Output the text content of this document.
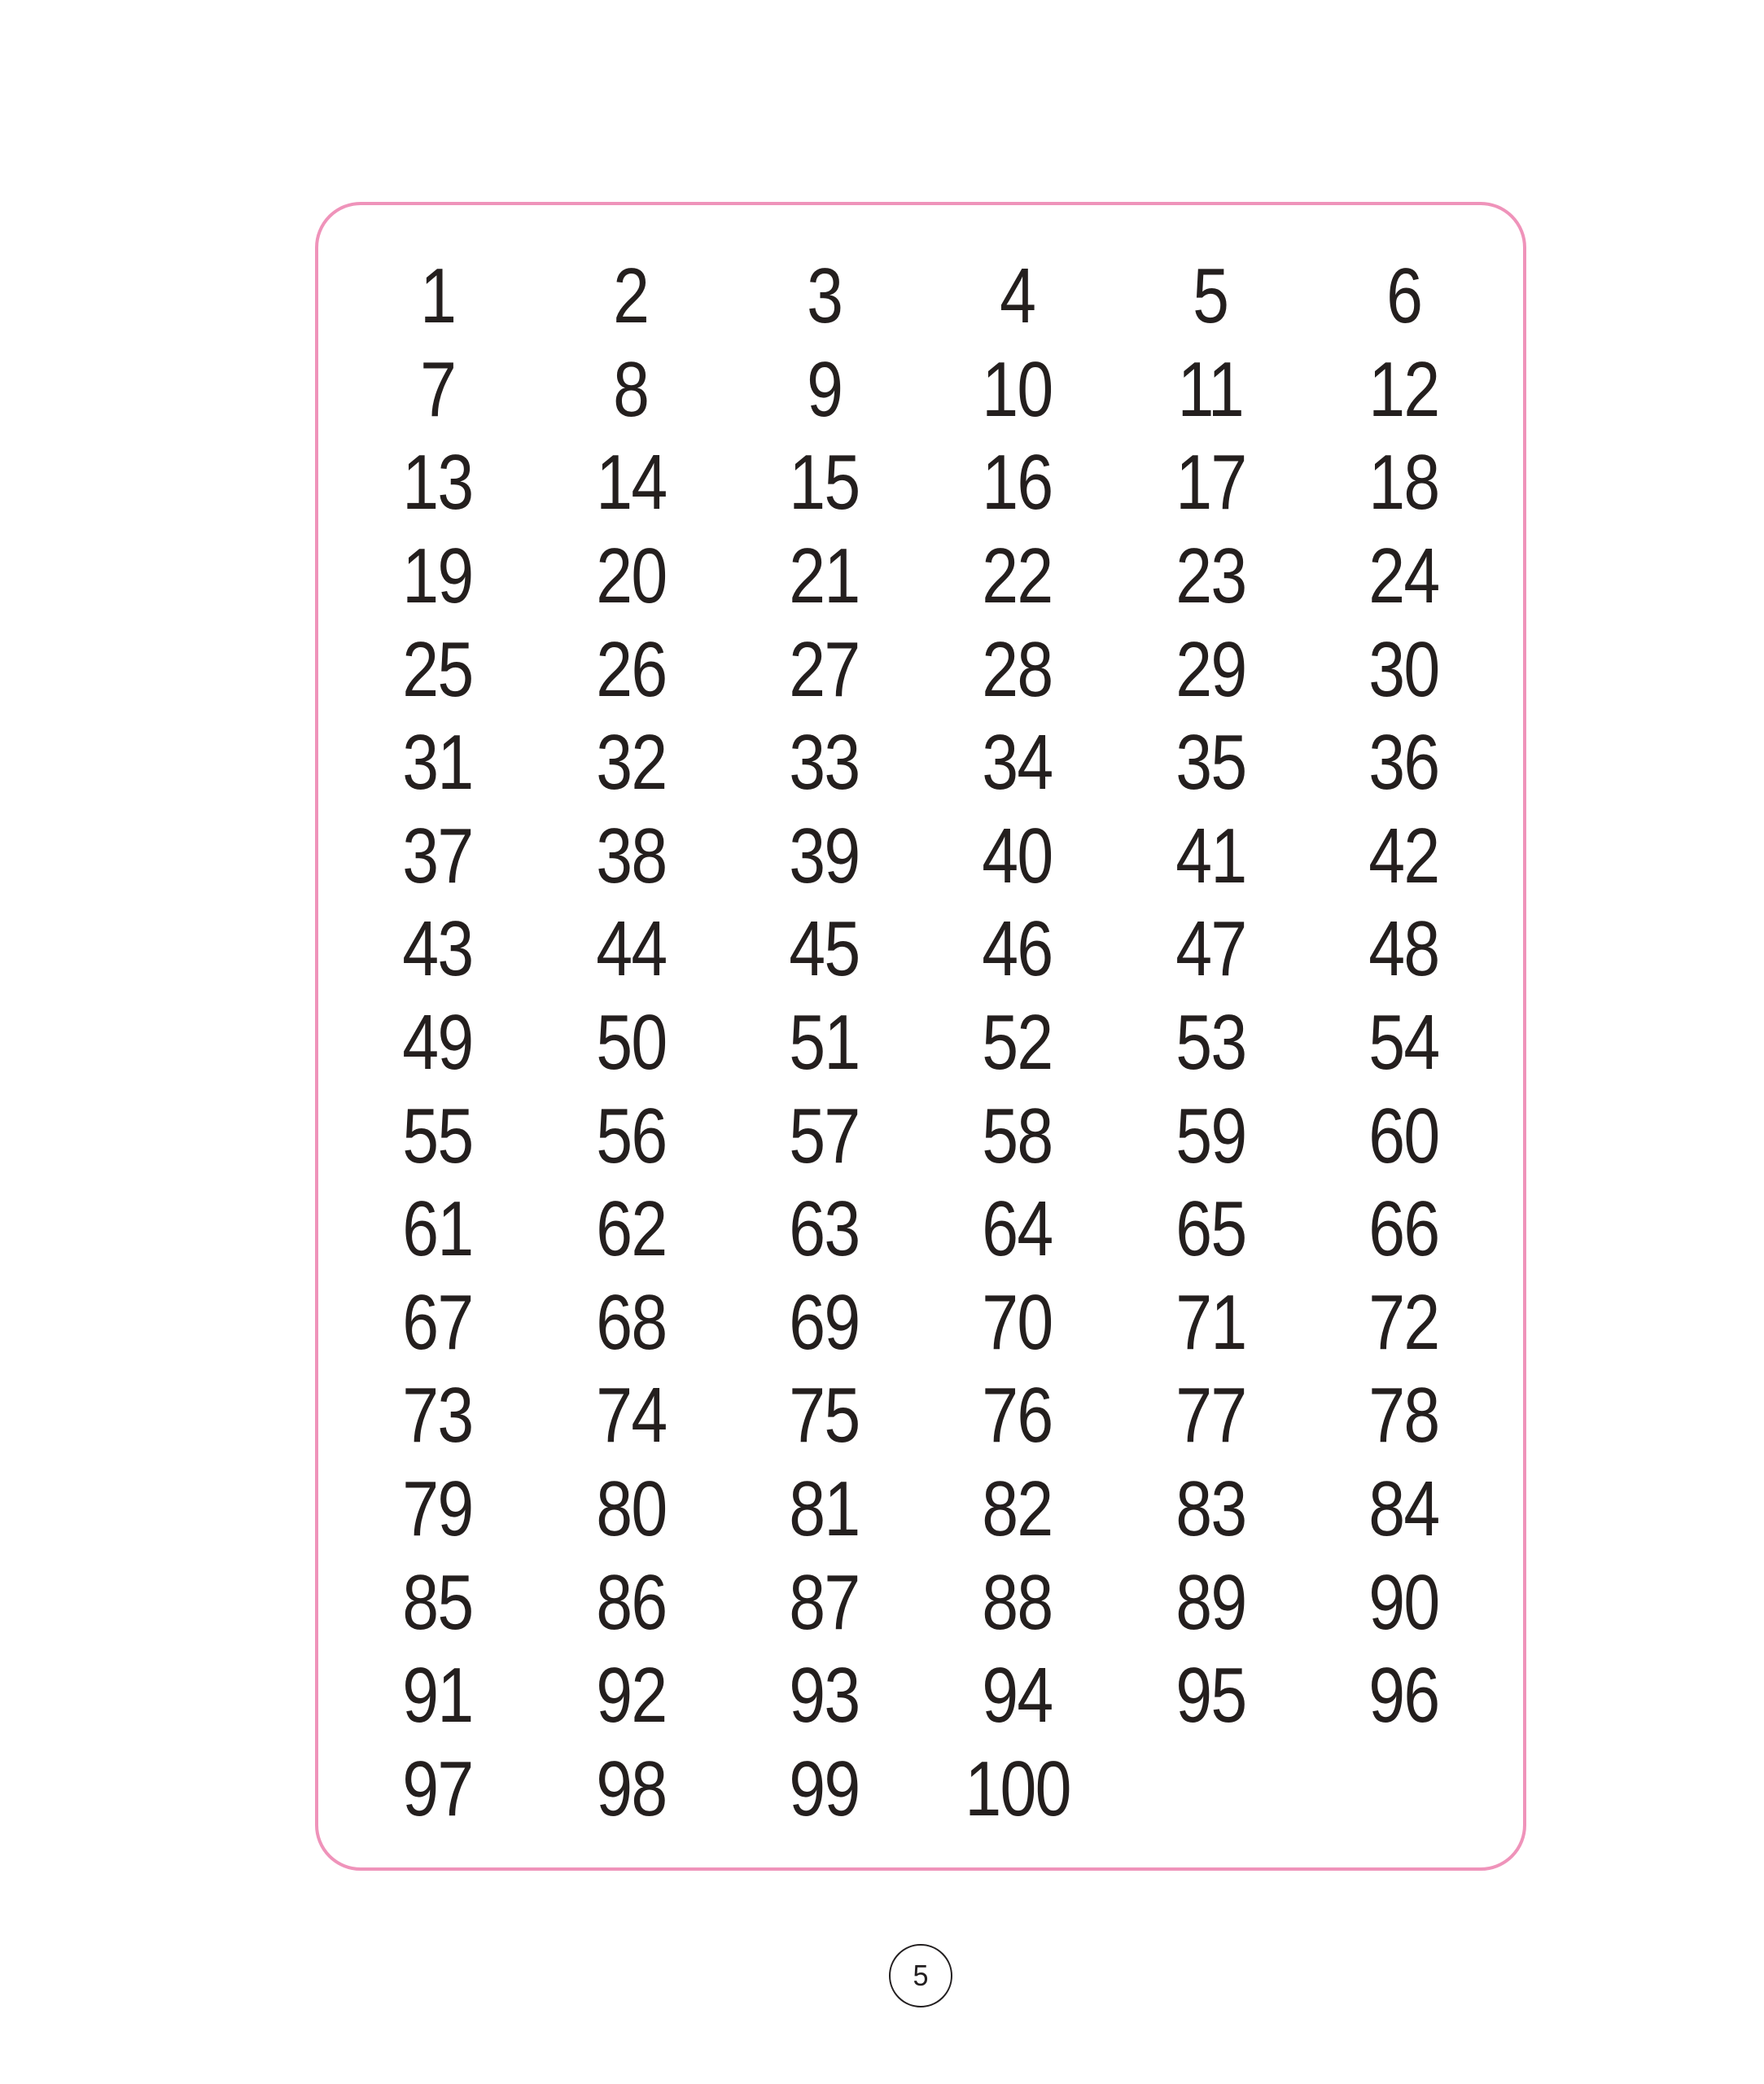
1 2 3 4 5 6
7 8 9 10 11 12
13 14 15 16 17 18
19 20 21 22 23 24
25 26 27 28 29 30
31 32 33 34 35 36
37 38 39 40 41 42
43 44 45 46 47 48
49 50 51 52 53 54
55 56 57 58 59 60
61 62 63 64 65 66
67 68 69 70 71 72
73 74 75 76 77 78
79 80 81 82 83 84
85 86 87 88 89 90
91 92 93 94 95 96
97 98 99 100
5
